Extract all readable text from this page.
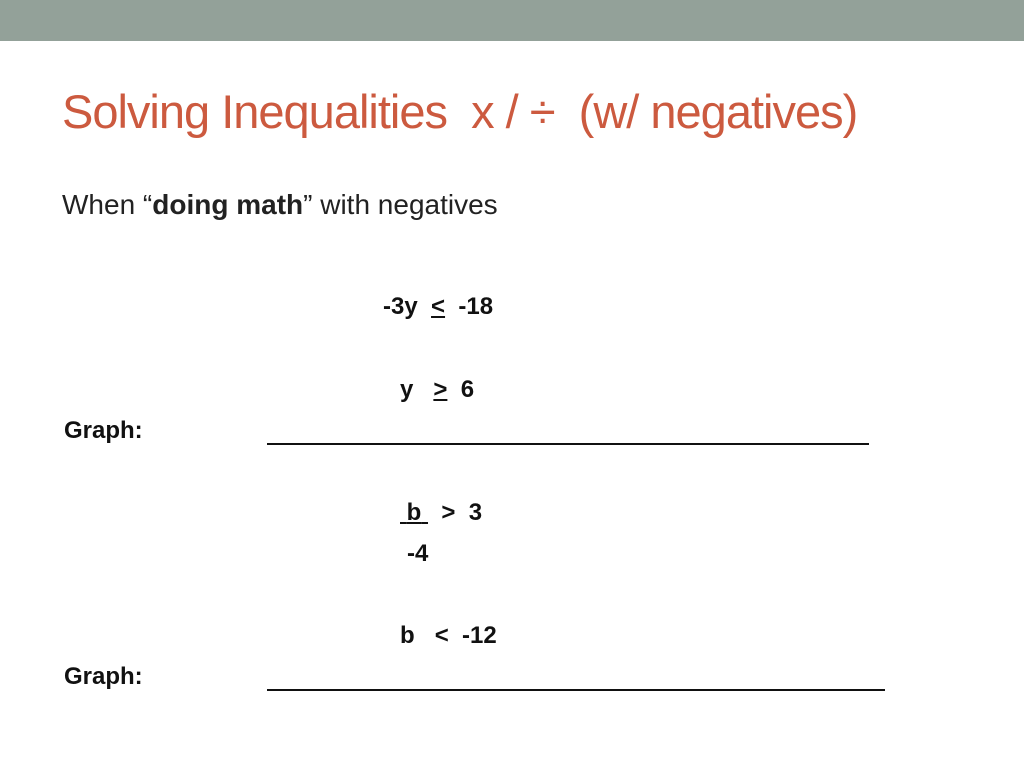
Solving Inequalities  x / ÷  (w/ negatives)
When “doing math” with negatives
-3y < -18
y > 6
Graph:
b > 3
-4
b < -12
Graph:
